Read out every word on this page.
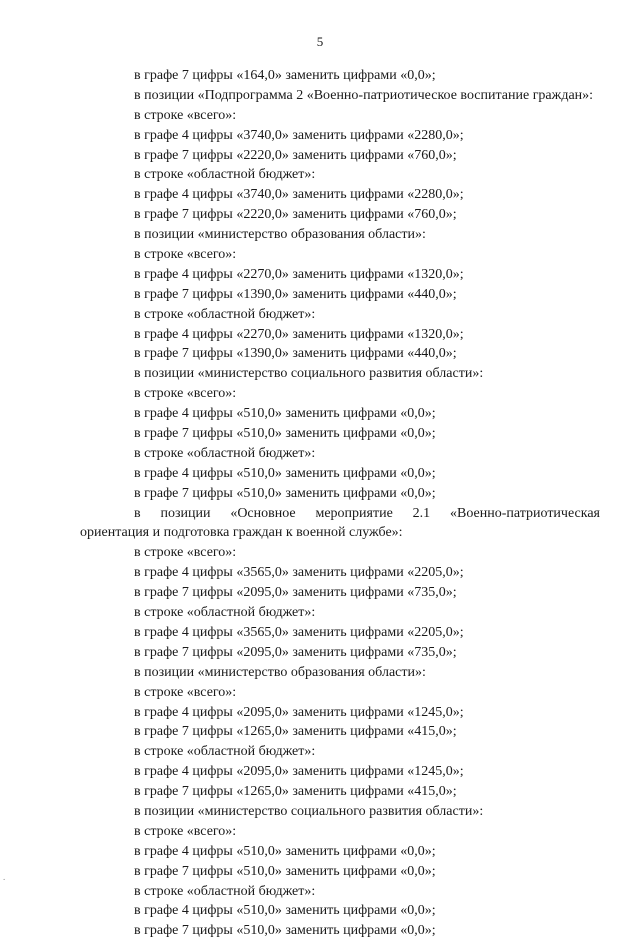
5
в графе 7 цифры «164,0» заменить цифрами «0,0»;
в позиции «Подпрограмма 2 «Военно-патриотическое воспитание граждан»:
в строке «всего»:
в графе 4 цифры «3740,0» заменить цифрами «2280,0»;
в графе 7 цифры «2220,0» заменить цифрами «760,0»;
в строке «областной бюджет»:
в графе 4 цифры «3740,0» заменить цифрами «2280,0»;
в графе 7 цифры «2220,0» заменить цифрами «760,0»;
в позиции «министерство образования области»:
в строке «всего»:
в графе 4 цифры «2270,0» заменить цифрами «1320,0»;
в графе 7 цифры «1390,0» заменить цифрами «440,0»;
в строке «областной бюджет»:
в графе 4 цифры «2270,0» заменить цифрами «1320,0»;
в графе 7 цифры «1390,0» заменить цифрами «440,0»;
в позиции «министерство социального развития области»:
в строке «всего»:
в графе 4 цифры «510,0» заменить цифрами «0,0»;
в графе 7 цифры «510,0» заменить цифрами «0,0»;
в строке «областной бюджет»:
в графе 4 цифры «510,0» заменить цифрами «0,0»;
в графе 7 цифры «510,0» заменить цифрами «0,0»;
в позиции «Основное мероприятие 2.1 «Военно-патриотическая
ориентация и подготовка граждан к военной службе»:
в строке «всего»:
в графе 4 цифры «3565,0» заменить цифрами «2205,0»;
в графе 7 цифры «2095,0» заменить цифрами «735,0»;
в строке «областной бюджет»:
в графе 4 цифры «3565,0» заменить цифрами «2205,0»;
в графе 7 цифры «2095,0» заменить цифрами «735,0»;
в позиции «министерство образования области»:
в строке «всего»:
в графе 4 цифры «2095,0» заменить цифрами «1245,0»;
в графе 7 цифры «1265,0» заменить цифрами «415,0»;
в строке «областной бюджет»:
в графе 4 цифры «2095,0» заменить цифрами «1245,0»;
в графе 7 цифры «1265,0» заменить цифрами «415,0»;
в позиции «министерство социального развития области»:
в строке «всего»:
в графе 4 цифры «510,0» заменить цифрами «0,0»;
в графе 7 цифры «510,0» заменить цифрами «0,0»;
в строке «областной бюджет»:
в графе 4 цифры «510,0» заменить цифрами «0,0»;
в графе 7 цифры «510,0» заменить цифрами «0,0»;
.
